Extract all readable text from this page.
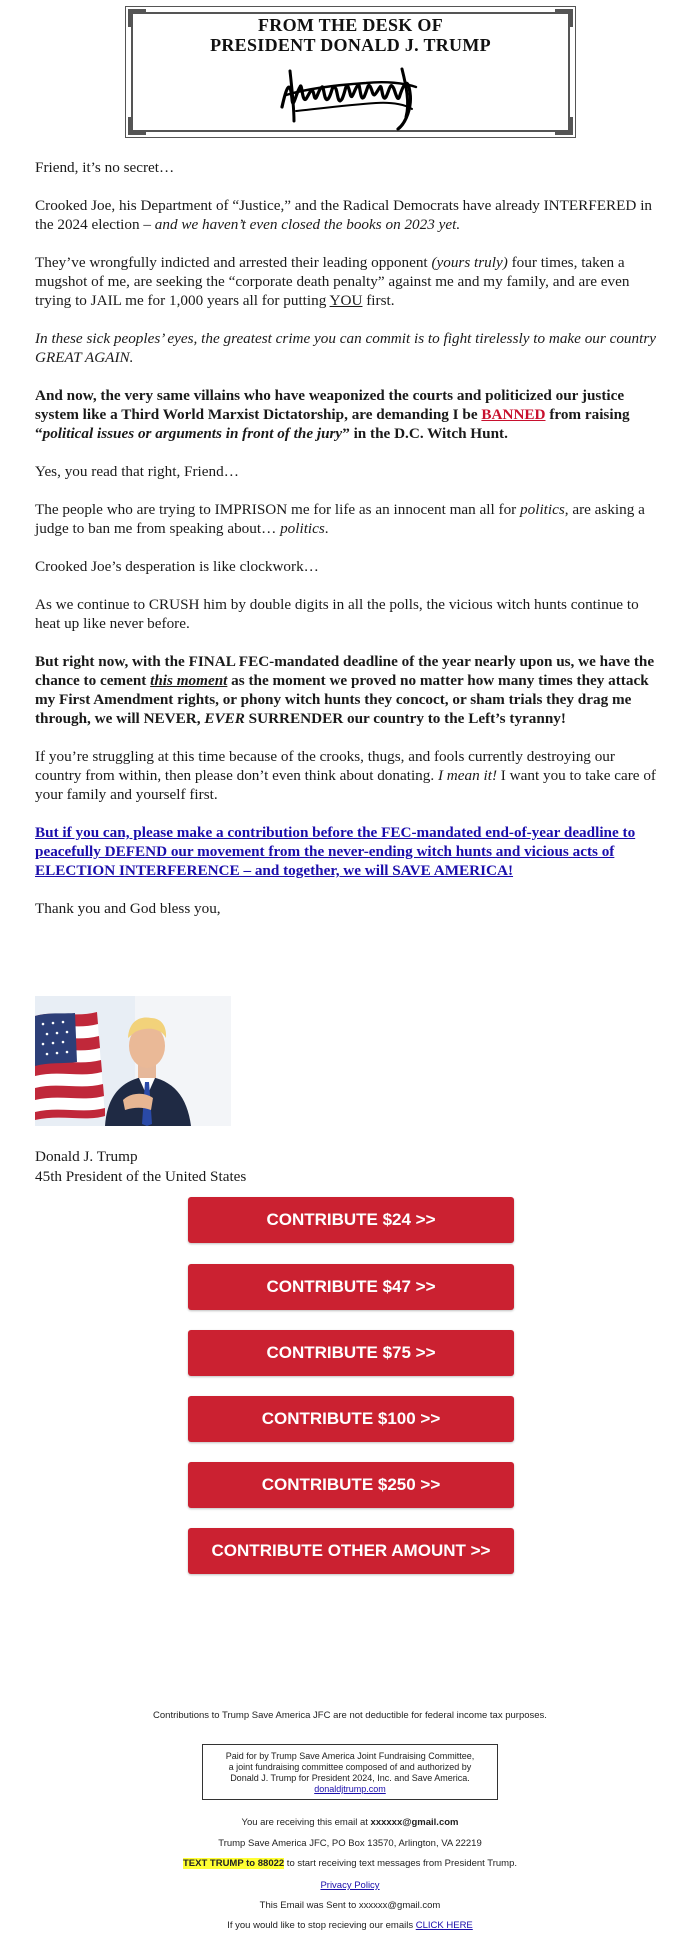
FROM THE DESK OF
PRESIDENT DONALD J. TRUMP

Friend, it’s no secret…

Crooked Joe, his Department of “Justice,” and the Radical Democrats have already INTERFERED in the 2024 election – and we haven’t even closed the books on 2023 yet.

They’ve wrongfully indicted and arrested their leading opponent (yours truly) four times, taken a mugshot of me, are seeking the “corporate death penalty” against me and my family, and are even trying to JAIL me for 1,000 years all for putting YOU first.

In these sick peoples’ eyes, the greatest crime you can commit is to fight tirelessly to make our country GREAT AGAIN.

And now, the very same villains who have weaponized the courts and politicized our justice system like a Third World Marxist Dictatorship, are demanding I be BANNED from raising “political issues or arguments in front of the jury” in the D.C. Witch Hunt.

Yes, you read that right, Friend…

The people who are trying to IMPRISON me for life as an innocent man all for politics, are asking a judge to ban me from speaking about… politics.

Crooked Joe’s desperation is like clockwork…

As we continue to CRUSH him by double digits in all the polls, the vicious witch hunts continue to heat up like never before.

But right now, with the FINAL FEC-mandated deadline of the year nearly upon us, we have the chance to cement this moment as the moment we proved no matter how many times they attack my First Amendment rights, or phony witch hunts they concoct, or sham trials they drag me through, we will NEVER, EVER SURRENDER our country to the Left’s tyranny!

If you’re struggling at this time because of the crooks, thugs, and fools currently destroying our country from within, then please don’t even think about donating. I mean it! I want you to take care of your family and yourself first.

But if you can, please make a contribution before the FEC-mandated end-of-year deadline to peacefully DEFEND our movement from the never-ending witch hunts and vicious acts of ELECTION INTERFERENCE – and together, we will SAVE AMERICA!

Thank you and God bless you,

Donald J. Trump
45th President of the United States
CONTRIBUTE $24 >>
CONTRIBUTE $47 >>
CONTRIBUTE $75 >>
CONTRIBUTE $100 >>
CONTRIBUTE $250 >>
CONTRIBUTE OTHER AMOUNT >>
Contributions to Trump Save America JFC are not deductible for federal income tax purposes.
Paid for by Trump Save America Joint Fundraising Committee,
a joint fundraising committee composed of and authorized by
Donald J. Trump for President 2024, Inc. and Save America.
donaldjtrump.com
You are receiving this email at xxxxxx@gmail.com
Trump Save America JFC, PO Box 13570, Arlington, VA 22219
TEXT TRUMP to 88022 to start receiving text messages from President Trump.
Privacy Policy
This Email was Sent to xxxxxx@gmail.com
If you would like to stop recieving our emails CLICK HERE
